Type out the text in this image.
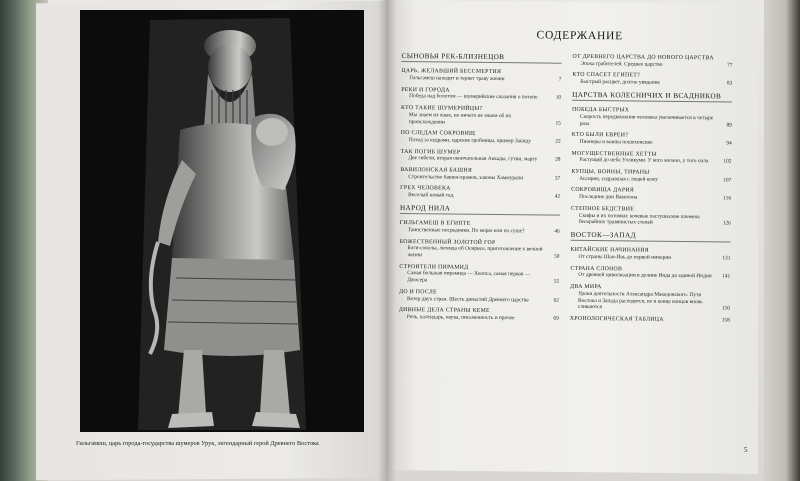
Гильгамеш, царь города-государства шумеров Урук, легендарный герой Древнего Востока
СОДЕРЖАНИЕ
СЫНОВЬЯ РЕК-БЛИЗНЕЦОВ
ЦАРЬ, ЖЕЛАВШИЙ БЕССМЕРТИЯ
Гильгамеш находит и теряет траву жизни	7
РЕКИ И ГОРОДА
Победа над болотом — шумерийские сказания о потопе	10
КТО ТАКИЕ ШУМЕРИЙЦЫ?
Мы знаем их язык, но ничего не знаем об их происхождении	15
ПО СЛЕДАМ СОКРОВИЩ
Поход за кедрами, царские гробницы, пример Закиду	22
ТАК ПОГИБ ШУМЕР
Две гибели, вторая окончательная Аккады, гутии, марту	28
ВАВИЛОНСКАЯ БАШНЯ
Строительство башен-храмов, законы Хаммурапи	37
ГРЕХ ЧЕЛОВЕКА
Веселый новый год.	42
НАРОД НИЛА
ГИЛЬГАМЕШ В ЕГИПТЕ
Таинственные посредники. По морю или по суше?	46
БОЖЕСТВЕННЫЙ ЗОЛОТОЙ ГОР
Боги-соколы, легенда об Осирисе, приготовление к вечной жизни	50
СТРОИТЕЛИ ПИРАМИД
Самая большая пирамида — Хеопса, самая первая — Джосера	55
ДО И ПОСЛЕ
Ветер двух стран. Шесть династий Древнего царства	62
ДИВНЫЕ ДЕЛА СТРАНЫ КЕМЕ
Речь, календарь, наука, письменность и прочее	69
ОТ ДРЕВНЕГО ЦАРСТВА ДО НОВОГО ЦАРСТВА
Эпоха грабителей. Среднее царство	77
КТО СПАСЕТ ЕГИПЕТ?
Быстрый расцвет, долгое увядание	83
ЦАРСТВА КОЛЕСНИЧИХ И ВСАДНИКОВ
ПОБЕДА БЫСТРЫХ
Скорость передвижения человека увеличивается в четыре раза	89
КТО БЫЛИ ЕВРЕИ?
Пионеры и воины пошехонские	94
МОГУЩЕСТВЕННЫЕ ХЕТТЫ
Растущий до неба Улликуми. У кого железо, у того сила	102
КУПЦЫ, ВОИНЫ, ТИРАНЫ
Ассирия, содравшая с людей кожу	107
СОКРОВИЩА ДАРИЯ
Последние дни Вавилона	116
СТЕПНОЕ БЕДСТВИЕ
Скифы и их потомки: кочевые пастушеские племена бескрайних травянистых степей	126
ВОСТОК—ЗАПАД
КИТАЙСКИЕ НАЧИНАНИЯ
От страны Шан-Инь до первой империи	131
СТРАНА СЛОНОВ
От древней цивилизации в долине Инда до единой Индии 141
ДВА МИРА
Уроки деятельности Александра Македонского. Пути Востока и Запада расходятся, но в конце концов вновь сливаются	150
ХРОНОЛОГИЧЕСКАЯ ТАБЛИЦА	158
5
